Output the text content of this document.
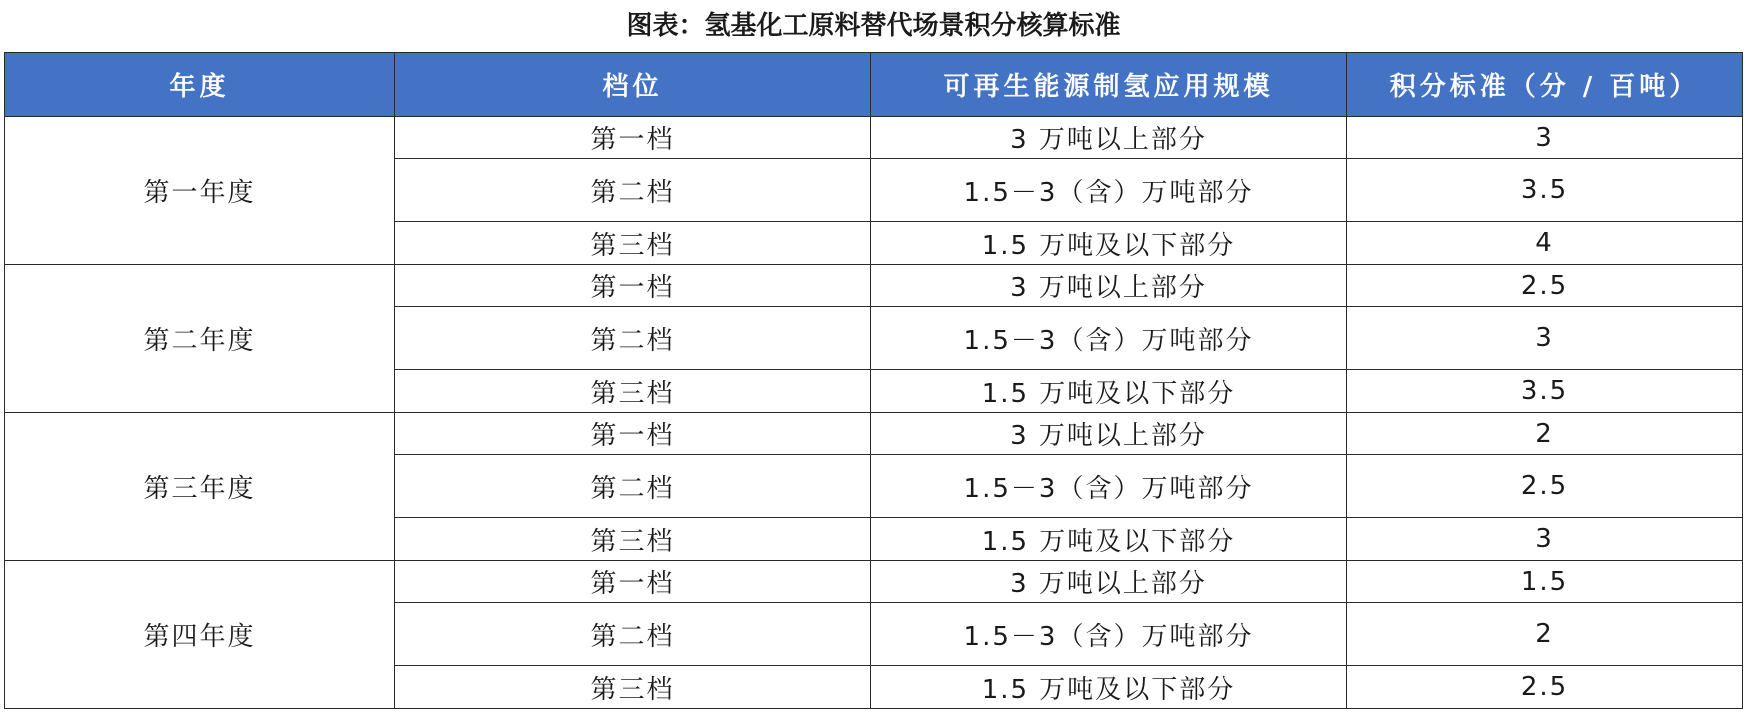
图表：氢基化工原料替代场景积分核算标准
年度	档位	可再生能源制氢应用规模	积分标准（分 / 百吨）
第一年度	第一档	3 万吨以上部分	3
	第二档	1.5－3（含）万吨部分	3.5
	第三档	1.5 万吨及以下部分	4
第二年度	第一档	3 万吨以上部分	2.5
	第二档	1.5－3（含）万吨部分	3
	第三档	1.5 万吨及以下部分	3.5
第三年度	第一档	3 万吨以上部分	2
	第二档	1.5－3（含）万吨部分	2.5
	第三档	1.5 万吨及以下部分	3
第四年度	第一档	3 万吨以上部分	1.5
	第二档	1.5－3（含）万吨部分	2
	第三档	1.5 万吨及以下部分	2.5
